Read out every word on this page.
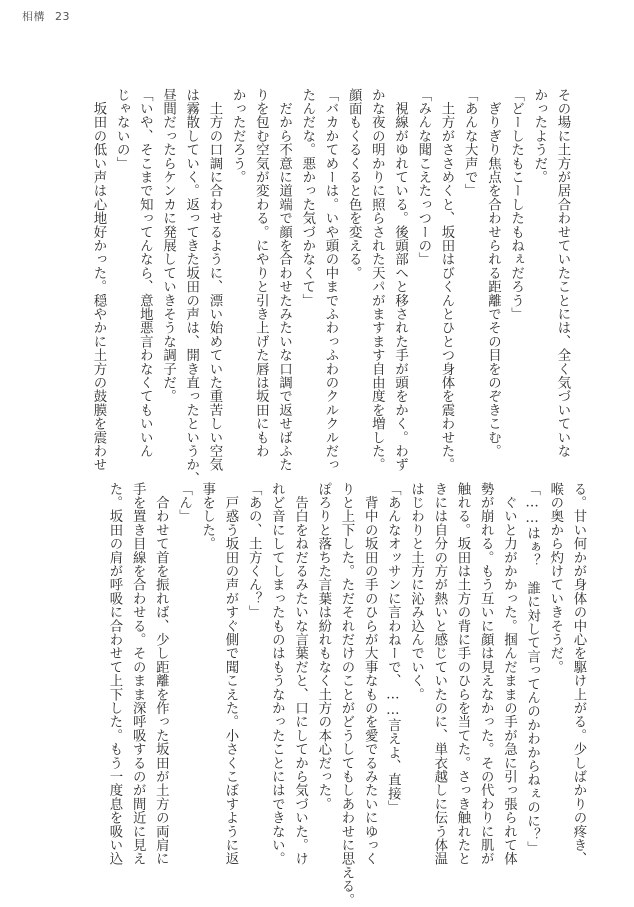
相構 23

その場に土方が居合わせていたことには、全く気づいていな

かったようだ。

「どーしたもこーしたもねぇだろう」

　ぎりぎり焦点を合わせられる距離でその目をのぞきこむ。

「あんな大声で」

　土方がささめくと、坂田はびくんとひとつ身体を震わせた。

「みんな聞こえたっつーの」

　視線がゆれている。後頭部へと移された手が頭をかく。わず

かな夜の明かりに照らされた天パがますます自由度を増した。

顔面もくるくると色を変える。

「バカかてめーは。いや頭の中までふわっふわのクルクルだっ

たんだな。悪かった気づかなくて」

　だから不意に道端で顔を合わせたみたいな口調で返せばふた

りを包む空気が変わる。にやりと引き上げた唇は坂田にもわ

かっただろう。

　土方の口調に合わせるように、漂い始めていた重苦しい空気

は霧散していく。返ってきた坂田の声は、開き直ったというか、

昼間だったらケンカに発展していきそうな調子だ。

「いや、そこまで知ってんなら、意地悪言わなくてもいいん

じゃないの」

　坂田の低い声は心地好かった。穏やかに土方の鼓膜を震わせ

る。甘い何かが身体の中心を駆け上がる。少しばかりの疼き、

喉の奥から灼けていきそうだ。

「……はぁ？　誰に対して言ってんのかわからねぇのに？」

　ぐいと力がかかった。掴んだままの手が急に引っ張られて体

勢が崩れる。もう互いに顔は見えなかった。その代わりに肌が

触れる。坂田は土方の背に手のひらを当てた。さっき触れたと

きには自分の方が熱いと感じていたのに、単衣越しに伝う体温

はじわりと土方に沁み込んでいく。

「あんなオッサンに言わねーで、……言えよ、直接」

　背中の坂田の手のひらが大事なものを愛でるみたいにゆっく

りと上下した。ただそれだけのことがどうしてもしあわせに思える。

ぽろりと落ちた言葉は紛れもなく土方の本心だった。

　告白をねだるみたいな言葉だと、口にしてから気づいた。け

れど音にしてしまったものはもうなかったことにはできない。

「あの、土方くん？」

　戸惑う坂田の声がすぐ側で聞こえた。小さくこぼすように返

事をした。

「ん」

　合わせて首を振れば、少し距離を作った坂田が土方の両肩に

手を置き目線を合わせる。そのまま深呼吸するのが間近に見え

た。坂田の肩が呼吸に合わせて上下した。もう一度息を吸い込
